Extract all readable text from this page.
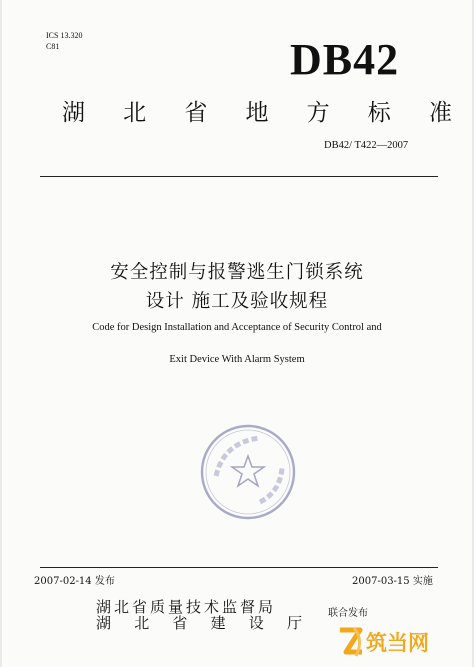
ICS 13.320
C81	DB42
湖 北 省 地 方 标 准
DB42/ T422—2007
安全控制与报警逃生门锁系统
设计 施工及验收规程
Code for Design Installation and Acceptance of Security Control and
Exit Device With Alarm System
2007-02-14 发布	2007-03-15 实施
湖北省质量技术监督局
湖 北 省 建 设 厅
联合发布
筑当网
